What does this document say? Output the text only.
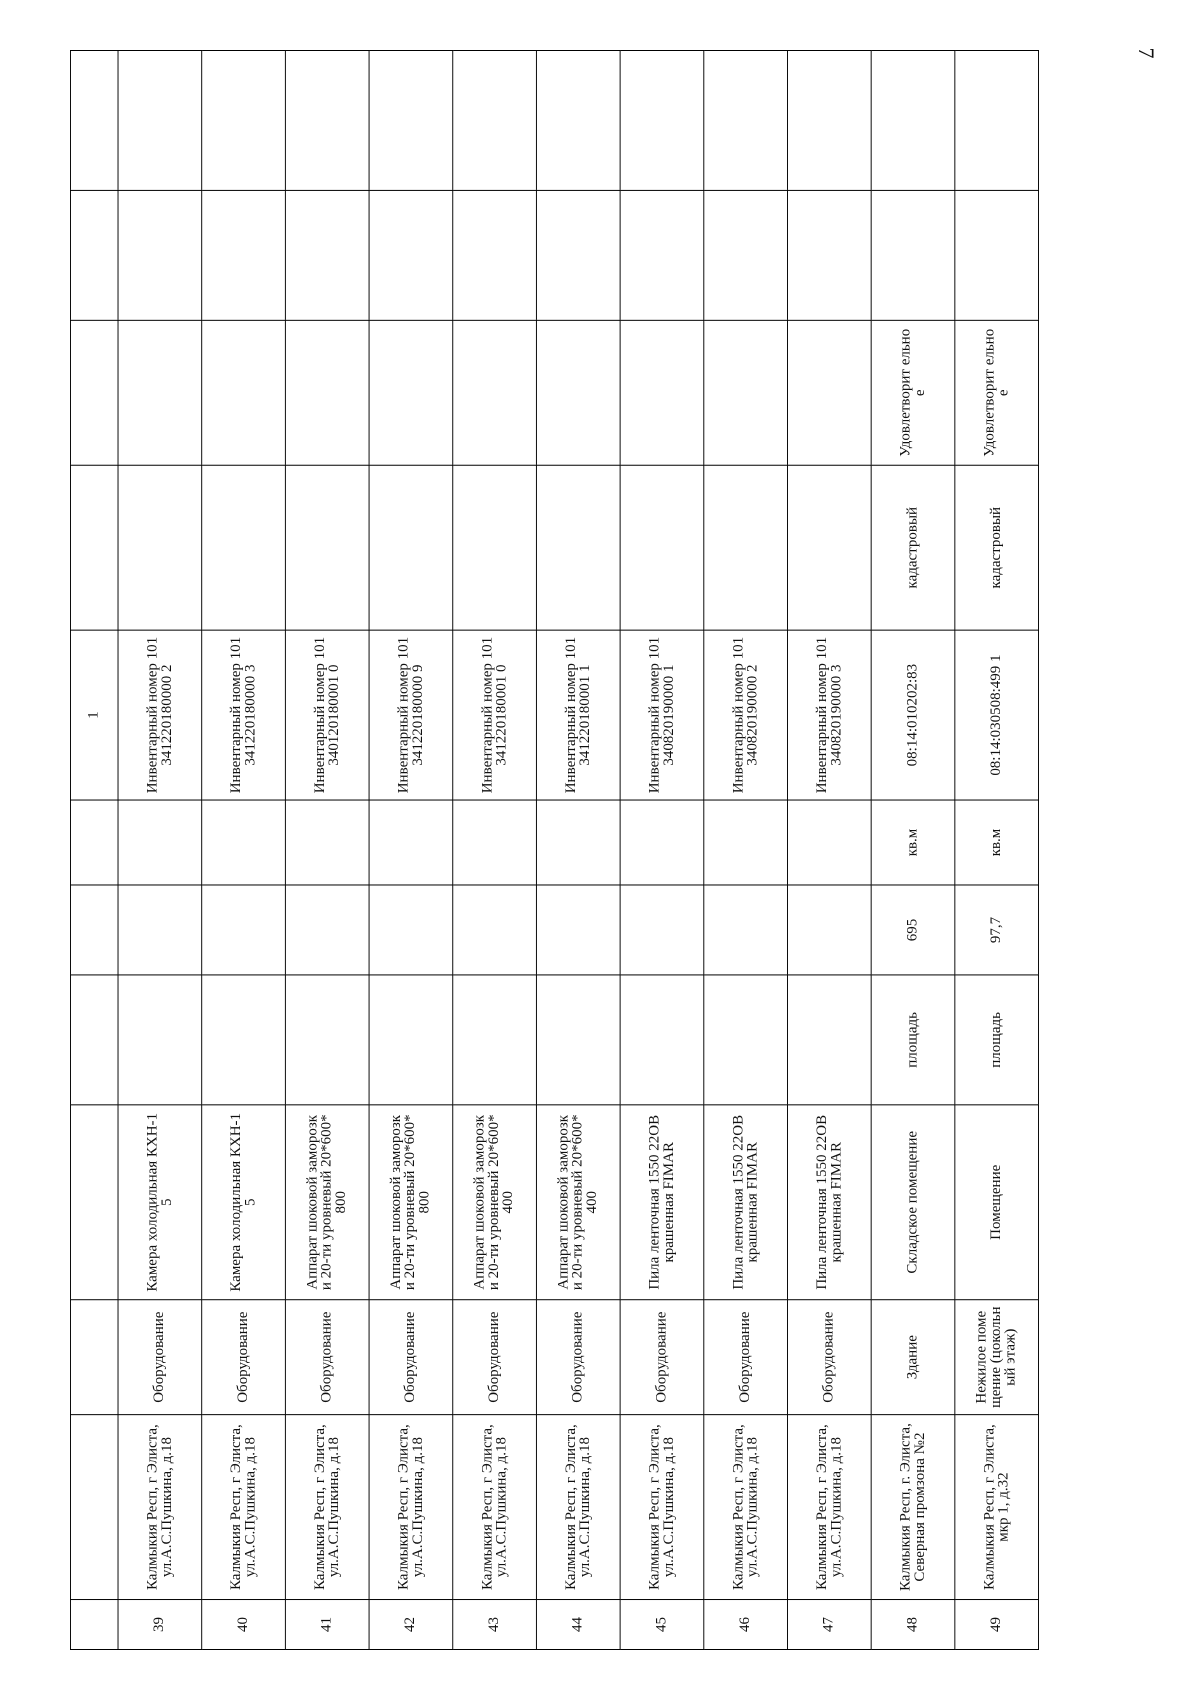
7
							1				
39	Калмыкия Респ, г Элиста, ул.А.С.Пушкина, д.18	Оборудование	Камера холодильная КХН-15				Инвентарный номер 101341220180000 2				
40	Калмыкия Респ, г Элиста, ул.А.С.Пушкина, д.18	Оборудование	Камера холодильная КХН-15				Инвентарный номер 101341220180000 3				
41	Калмыкия Респ, г Элиста, ул.А.С.Пушкина, д.18	Оборудование	Аппарат шоковой заморозки 20-ти уровневый 20*600*800				Инвентарный номер 101340120180001 0				
42	Калмыкия Респ, г Элиста, ул.А.С.Пушкина, д.18	Оборудование	Аппарат шоковой заморозки 20-ти уровневый 20*600*800				Инвентарный номер 101341220180000 9				
43	Калмыкия Респ, г Элиста, ул.А.С.Пушкина, д.18	Оборудование	Аппарат шоковой заморозки 20-ти уровневый 20*600*400				Инвентарный номер 101341220180001 0				
44	Калмыкия Респ, г Элиста, ул.А.С.Пушкина, д.18	Оборудование	Аппарат шоковой заморозки 20-ти уровневый 20*600*400				Инвентарный номер 101341220180001 1				
45	Калмыкия Респ, г Элиста, ул.А.С.Пушкина, д.18	Оборудование	Пила ленточная 1550 22ОВ крашенная FIMAR				Инвентарный номер 101340820190000 1				
46	Калмыкия Респ, г Элиста, ул.А.С.Пушкина, д.18	Оборудование	Пила ленточная 1550 22ОВ крашенная FIMAR				Инвентарный номер 101340820190000 2				
47	Калмыкия Респ, г Элиста, ул.А.С.Пушкина, д.18	Оборудование	Пила ленточная 1550 22ОВ крашенная FIMAR				Инвентарный номер 101340820190000 3				
48	Калмыкия Респ, г. Элиста, Северная промзона №2	Здание	Складское помещение	площадь	695	кв.м	08:14:010202:83	кадастровый	Удовлетворит ельное		
49	Калмыкия Респ, г Элиста, мкр 1, д.32	Нежилое помещение (цокольный этаж)	Помещение	площадь	97,7	кв.м	08:14:030508:499 1	кадастровый	Удовлетворит ельное		
